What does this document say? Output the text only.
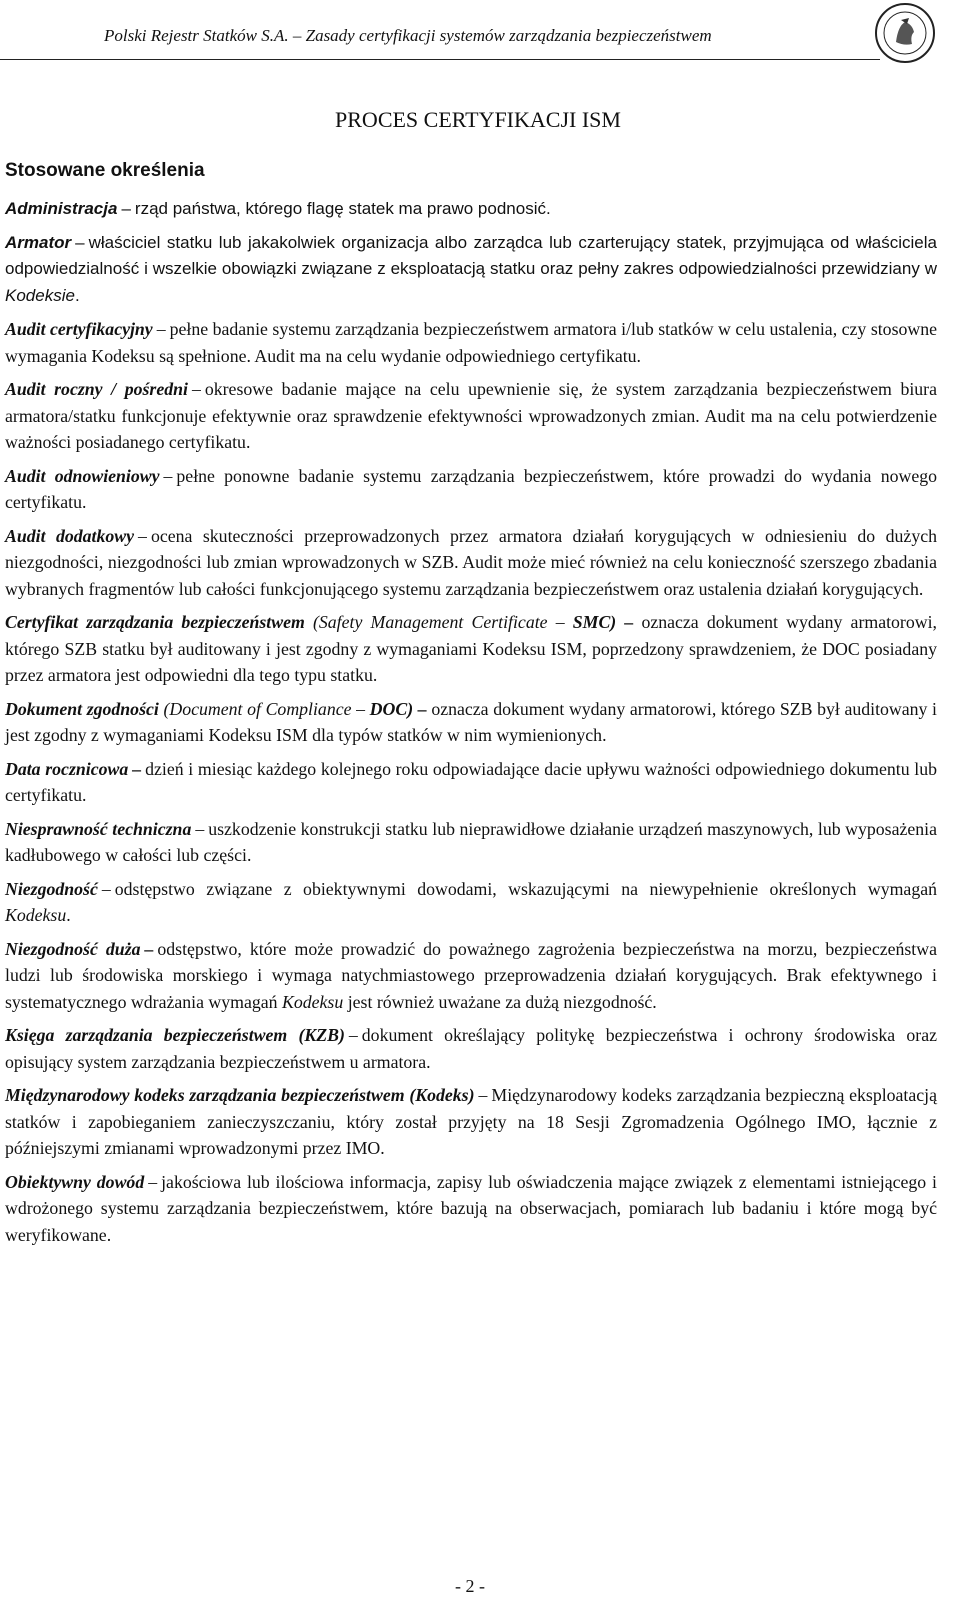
Polski Rejestr Statków S.A. – Zasady certyfikacji systemów zarządzania bezpieczeństwem
PROCES CERTYFIKACJI ISM
Stosowane określenia

Administracja – rząd państwa, którego flagę statek ma prawo podnosić.

Armator – właściciel statku lub jakakolwiek organizacja albo zarządca lub czarterujący statek, przyjmująca od właściciela odpowiedzialność i wszelkie obowiązki związane z eksploatacją statku oraz pełny zakres odpowiedzialności przewidziany w Kodeksie.

Audit certyfikacyjny – pełne badanie systemu zarządzania bezpieczeństwem armatora i/lub statków w celu ustalenia, czy stosowne wymagania Kodeksu są spełnione. Audit ma na celu wydanie odpowiedniego certyfikatu.

Audit roczny / pośredni – okresowe badanie mające na celu upewnienie się, że system zarządzania bezpieczeństwem biura armatora/statku funkcjonuje efektywnie oraz sprawdzenie efektywności wprowadzonych zmian. Audit ma na celu potwierdzenie ważności posiadanego certyfikatu.

Audit odnowieniowy – pełne ponowne badanie systemu zarządzania bezpieczeństwem, które prowadzi do wydania nowego certyfikatu.

Audit dodatkowy – ocena skuteczności przeprowadzonych przez armatora działań korygujących w odniesieniu do dużych niezgodności, niezgodności lub zmian wprowadzonych w SZB. Audit może mieć również na celu konieczność szerszego zbadania wybranych fragmentów lub całości funkcjonującego systemu zarządzania bezpieczeństwem oraz ustalenia działań korygujących.

Certyfikat zarządzania bezpieczeństwem (Safety Management Certificate – SMC) – oznacza dokument wydany armatorowi, którego SZB statku był auditowany i jest zgodny z wymaganiami Kodeksu ISM, poprzedzony sprawdzeniem, że DOC posiadany przez armatora jest odpowiedni dla tego typu statku.

Dokument zgodności (Document of Compliance – DOC) – oznacza dokument wydany armatorowi, którego SZB był auditowany i jest zgodny z wymaganiami Kodeksu ISM dla typów statków w nim wymienionych.

Data rocznicowa – dzień i miesiąc każdego kolejnego roku odpowiadające dacie upływu ważności odpowiedniego dokumentu lub certyfikatu.

Niesprawność techniczna – uszkodzenie konstrukcji statku lub nieprawidłowe działanie urządzeń maszynowych, lub wyposażenia kadłubowego w całości lub części.

Niezgodność – odstępstwo związane z obiektywnymi dowodami, wskazującymi na niewypełnienie określonych wymagań Kodeksu.

Niezgodność duża – odstępstwo, które może prowadzić do poważnego zagrożenia bezpieczeństwa na morzu, bezpieczeństwa ludzi lub środowiska morskiego i wymaga natychmiastowego przeprowadzenia działań korygujących. Brak efektywnego i systematycznego wdrażania wymagań Kodeksu jest również uważane za dużą niezgodność.

Księga zarządzania bezpieczeństwem (KZB) – dokument określający politykę bezpieczeństwa i ochrony środowiska oraz opisujący system zarządzania bezpieczeństwem u armatora.

Międzynarodowy kodeks zarządzania bezpieczeństwem (Kodeks) – Międzynarodowy kodeks zarządzania bezpieczną eksploatacją statków i zapobieganiem zanieczyszczaniu, który został przyjęty na 18 Sesji Zgromadzenia Ogólnego IMO, łącznie z późniejszymi zmianami wprowadzonymi przez IMO.

Obiektywny dowód – jakościowa lub ilościowa informacja, zapisy lub oświadczenia mające związek z elementami istniejącego i wdrożonego systemu zarządzania bezpieczeństwem, które bazują na obserwacjach, pomiarach lub badaniu i które mogą być weryfikowane.

- 2 -
